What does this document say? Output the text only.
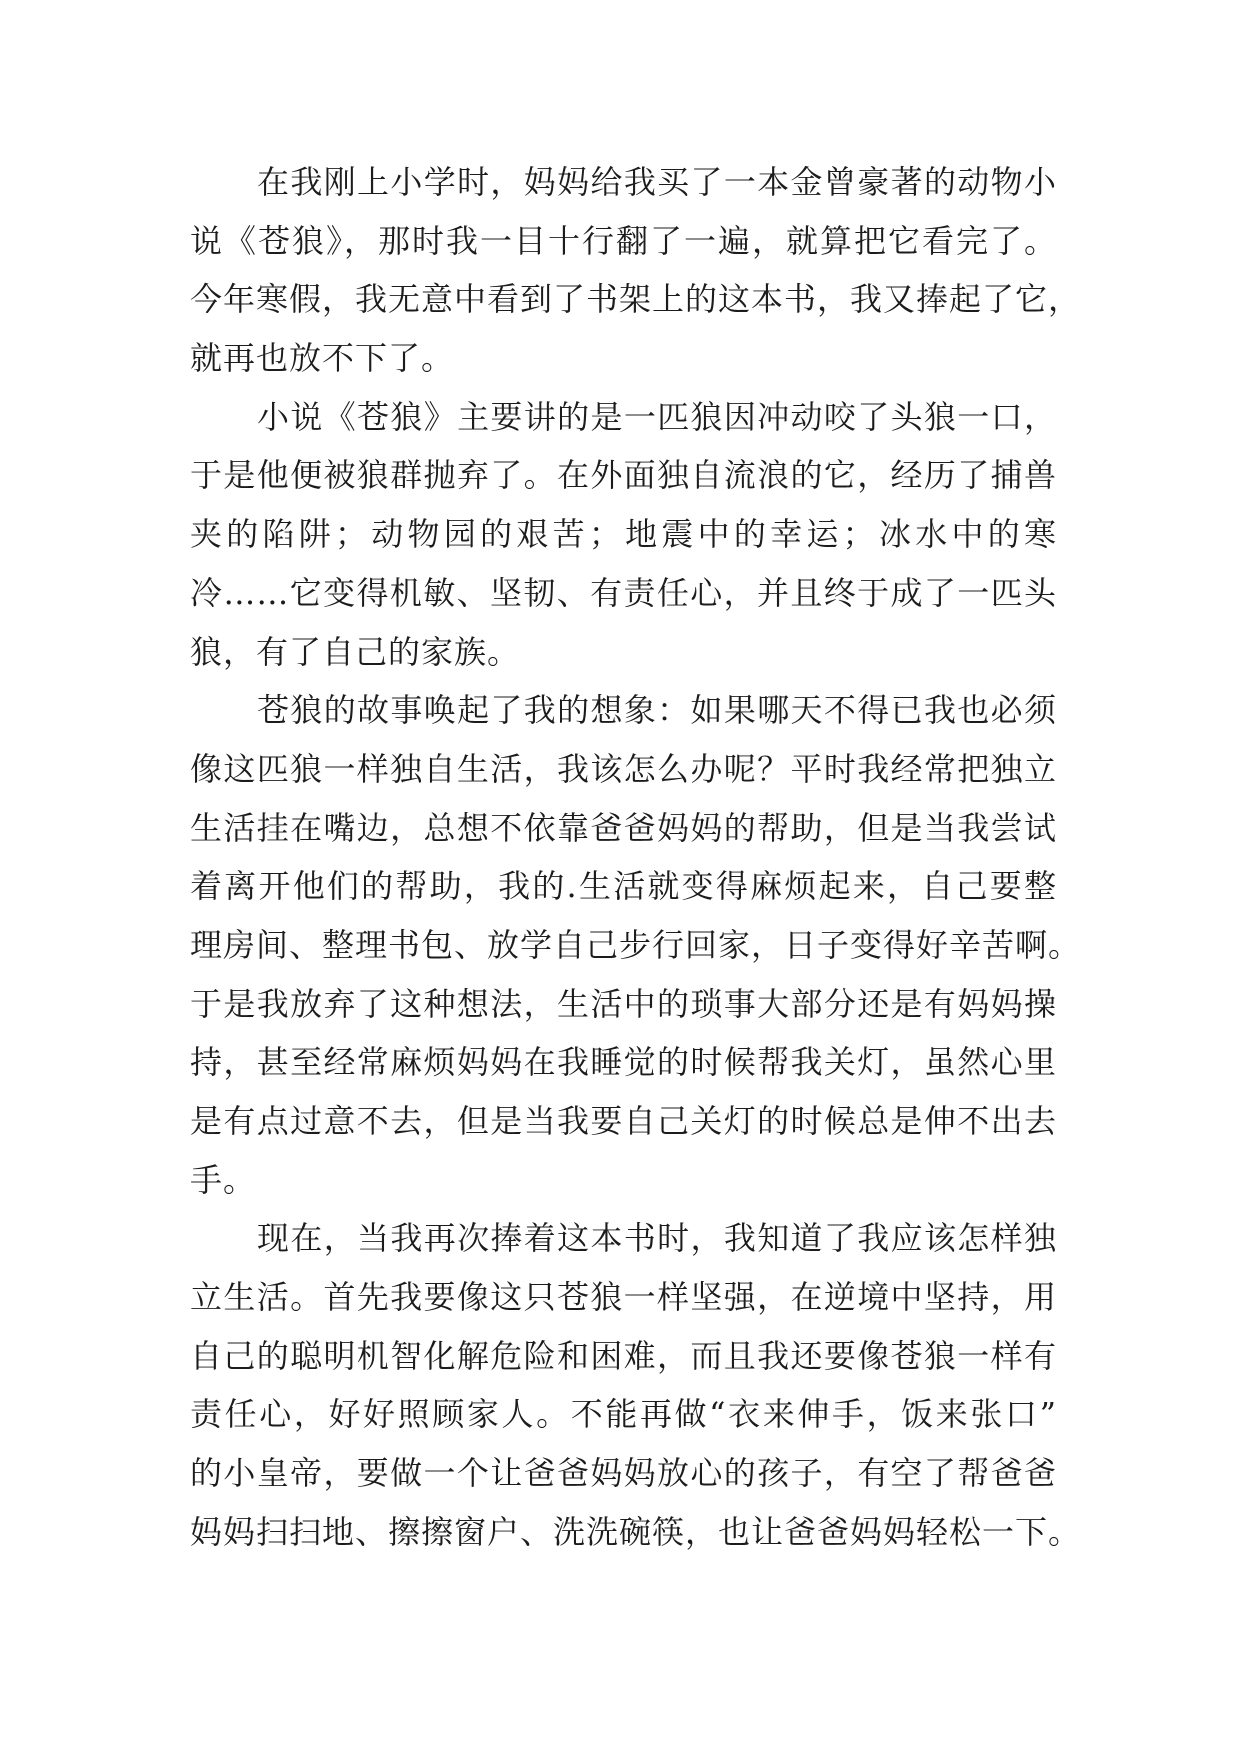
在我刚上小学时，妈妈给我买了一本金曾豪著的动物小
说《苍狼》，那时我一目十行翻了一遍，就算把它看完了。
今年寒假，我无意中看到了书架上的这本书，我又捧起了它，
就再也放不下了。
小说《苍狼》主要讲的是一匹狼因冲动咬了头狼一口，
于是他便被狼群抛弃了。在外面独自流浪的它，经历了捕兽
夹的陷阱；动物园的艰苦；地震中的幸运；冰水中的寒
冷……它变得机敏、坚韧、有责任心，并且终于成了一匹头
狼，有了自己的家族。
苍狼的故事唤起了我的想象：如果哪天不得已我也必须
像这匹狼一样独自生活，我该怎么办呢？平时我经常把独立
生活挂在嘴边，总想不依靠爸爸妈妈的帮助，但是当我尝试
着离开他们的帮助，我的.生活就变得麻烦起来，自己要整
理房间、整理书包、放学自己步行回家，日子变得好辛苦啊。
于是我放弃了这种想法，生活中的琐事大部分还是有妈妈操
持，甚至经常麻烦妈妈在我睡觉的时候帮我关灯，虽然心里
是有点过意不去，但是当我要自己关灯的时候总是伸不出去
手。
现在，当我再次捧着这本书时，我知道了我应该怎样独
立生活。首先我要像这只苍狼一样坚强，在逆境中坚持，用
自己的聪明机智化解危险和困难，而且我还要像苍狼一样有
责任心，好好照顾家人。不能再做“衣来伸手，饭来张口”
的小皇帝，要做一个让爸爸妈妈放心的孩子，有空了帮爸爸
妈妈扫扫地、擦擦窗户、洗洗碗筷，也让爸爸妈妈轻松一下。
